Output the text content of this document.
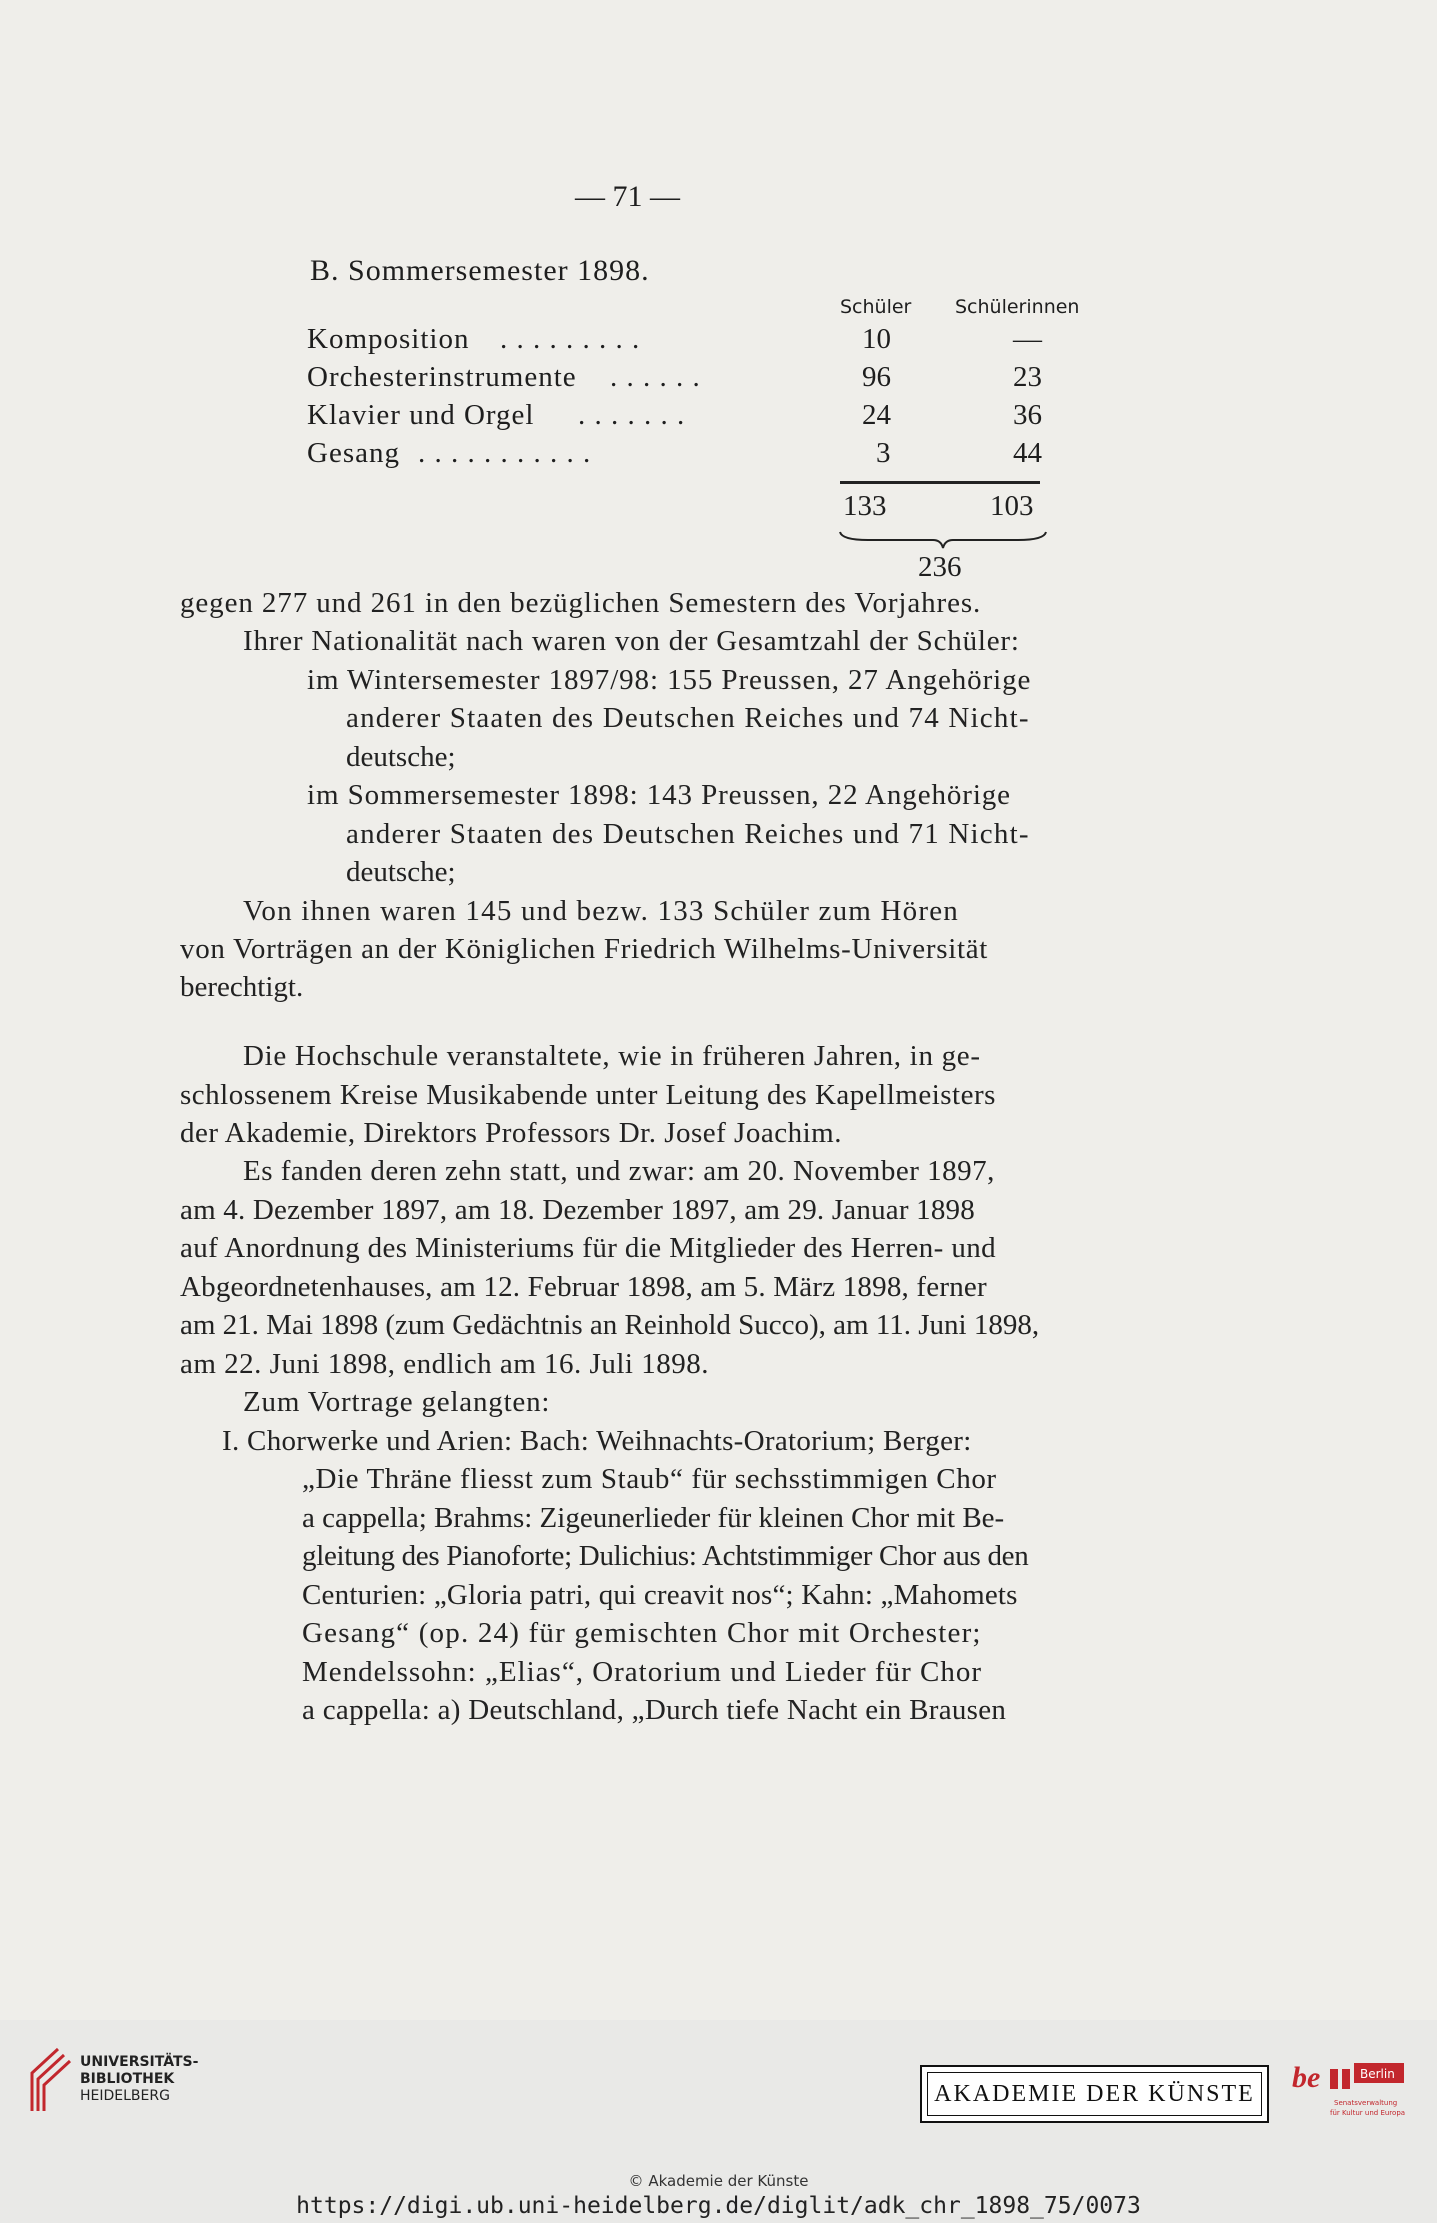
— 71 —
B. Sommersemester 1898.
Schüler Schülerinnen
Komposition . . . . . . . . .	10	—
Orchesterinstrumente . . . . . .	96	23
Klavier und Orgel . . . . . . .	24	36
Gesang . . . . . . . . . . .	3	44
133	103
236
gegen 277 und 261 in den bezüglichen Semestern des Vorjahres.
Ihrer Nationalität nach waren von der Gesamtzahl der Schüler:
im Wintersemester 1897/98: 155 Preussen, 27 Angehörige
anderer Staaten des Deutschen Reiches und 74 Nicht-
deutsche;
im Sommersemester 1898: 143 Preussen, 22 Angehörige
anderer Staaten des Deutschen Reiches und 71 Nicht-
deutsche;
Von ihnen waren 145 und bezw. 133 Schüler zum Hören
von Vorträgen an der Königlichen Friedrich Wilhelms-Universität
berechtigt.
Die Hochschule veranstaltete, wie in früheren Jahren, in ge-
schlossenem Kreise Musikabende unter Leitung des Kapellmeisters
der Akademie, Direktors Professors Dr. Josef Joachim.
Es fanden deren zehn statt, und zwar: am 20. November 1897,
am 4. Dezember 1897, am 18. Dezember 1897, am 29. Januar 1898
auf Anordnung des Ministeriums für die Mitglieder des Herren- und
Abgeordnetenhauses, am 12. Februar 1898, am 5. März 1898, ferner
am 21. Mai 1898 (zum Gedächtnis an Reinhold Succo), am 11. Juni 1898,
am 22. Juni 1898, endlich am 16. Juli 1898.
Zum Vortrage gelangten:
I. Chorwerke und Arien: Bach: Weihnachts-Oratorium; Berger:
„Die Thräne fliesst zum Staub“ für sechsstimmigen Chor
a cappella; Brahms: Zigeunerlieder für kleinen Chor mit Be-
gleitung des Pianoforte; Dulichius: Achtstimmiger Chor aus den
Centurien: „Gloria patri, qui creavit nos“; Kahn: „Mahomets
Gesang“ (op. 24) für gemischten Chor mit Orchester;
Mendelssohn: „Elias“, Oratorium und Lieder für Chor
a cappella: a) Deutschland, „Durch tiefe Nacht ein Brausen
UNIVERSITÄTS-
BIBLIOTHEK
HEIDELBERG	AKADEMIE DER KÜNSTE be	Berlin
Senatsverwaltung
für Kultur und Europa
© Akademie der Künste
https://digi.ub.uni-heidelberg.de/diglit/adk_chr_1898_75/0073
